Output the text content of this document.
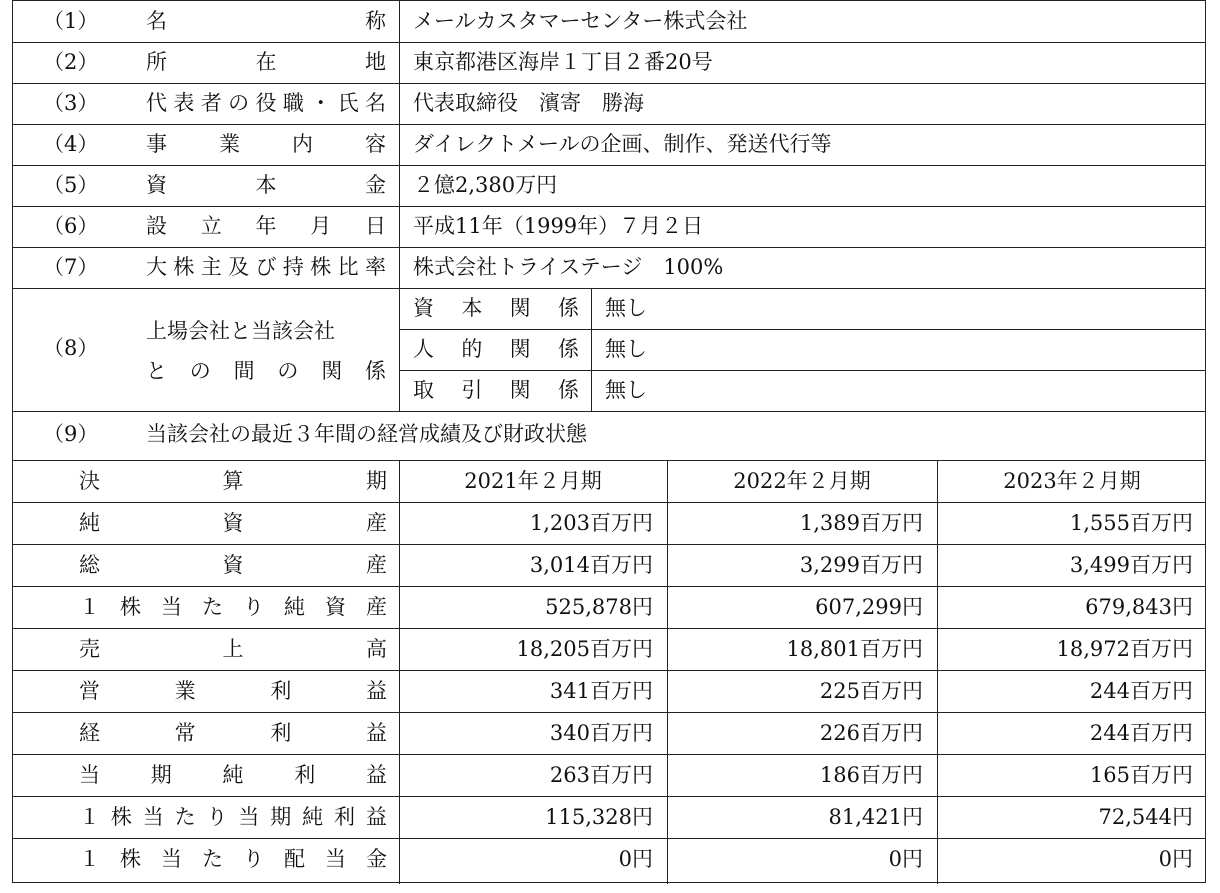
（1） 名	称 メールカスタマーセンター株式会社
（2） 所	在	地 東京都港区海岸１丁目２番20号
（3） 代 表 者 の 役 職 ・ 氏 名 代表取締役　濱寄　勝海
（4） 事 業 内 容 ダイレクトメールの企画、制作、発送代行等
（5） 資	本	金 ２億2,380万円
（6） 設 立 年 月 日 平成11年（1999年）７月２日
（7） 大 株 主 及 び 持 株 比 率 株式会社トライステージ　100%
（8）
上場会社と当該会社
と の 間 の 関 係
資 本 関 係 無し
人 的 関 係 無し
取 引 関 係 無し
（9） 当該会社の最近３年間の経営成績及び財政状態
決	算	期	2021年２月期	2022年２月期	2023年２月期
純	資	産	1,203百万円	1,389百万円	1,555百万円
総	資	産	3,014百万円	3,299百万円	3,499百万円
１ 株 当 た り 純 資 産	525,878円	607,299円	679,843円
売	上	高	18,205百万円	18,801百万円	18,972百万円
営	業	利	益	341百万円	225百万円	244百万円
経	常	利	益	340百万円	226百万円	244百万円
当 期 純 利 益	263百万円	186百万円	165百万円
１ 株 当 た り 当 期 純 利 益	115,328円	81,421円	72,544円
１ 株 当 た り 配 当 金	0円	0円	0円
